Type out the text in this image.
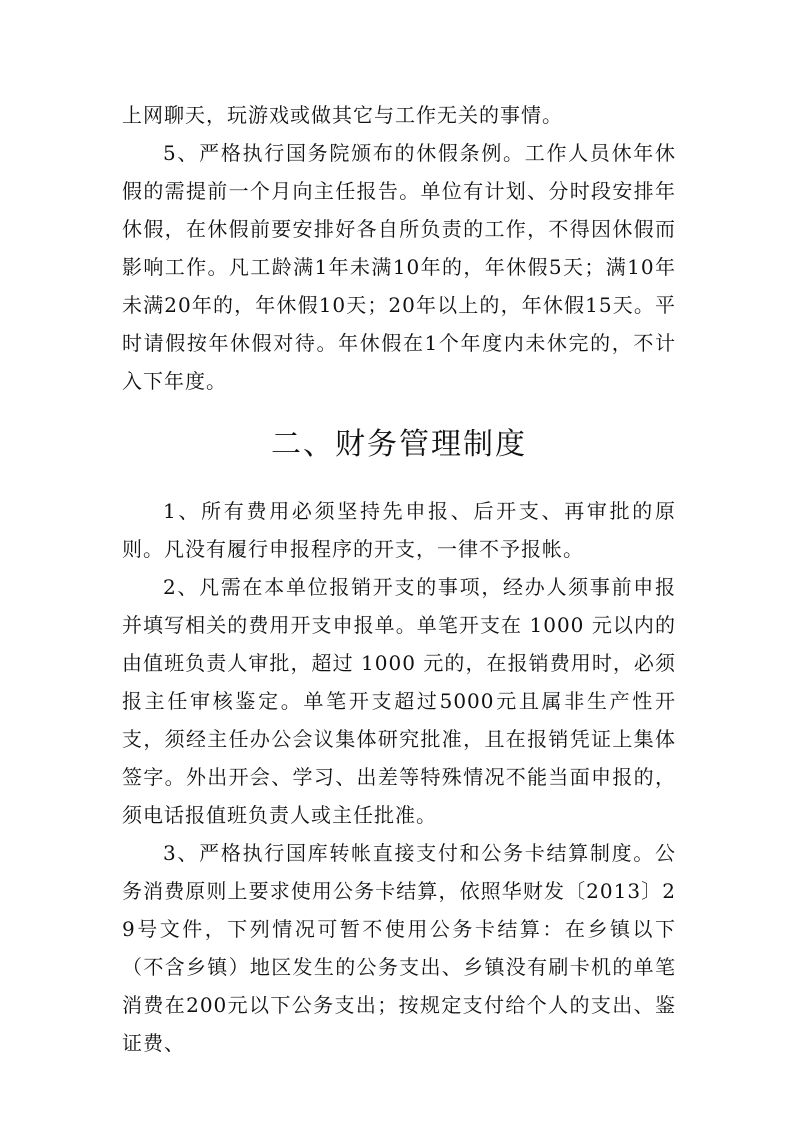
上网聊天，玩游戏或做其它与工作无关的事情。

5、严格执行国务院颁布的休假条例。工作人员休年休假的需提前一个月向主任报告。单位有计划、分时段安排年休假，在休假前要安排好各自所负责的工作，不得因休假而影响工作。凡工龄满1年未满10年的，年休假5天；满10年未满20年的，年休假10天；20年以上的，年休假15天。平时请假按年休假对待。年休假在1个年度内未休完的，不计入下年度。

二、财务管理制度

1、所有费用必须坚持先申报、后开支、再审批的原则。凡没有履行申报程序的开支，一律不予报帐。

2、凡需在本单位报销开支的事项，经办人须事前申报并填写相关的费用开支申报单。单笔开支在 1000 元以内的由值班负责人审批，超过 1000 元的，在报销费用时，必须报主任审核鉴定。单笔开支超过5000元且属非生产性开支，须经主任办公会议集体研究批准，且在报销凭证上集体签字。外出开会、学习、出差等特殊情况不能当面申报的，须电话报值班负责人或主任批准。

3、严格执行国库转帐直接支付和公务卡结算制度。公务消费原则上要求使用公务卡结算，依照华财发〔2013〕29号文件，下列情况可暂不使用公务卡结算：在乡镇以下（不含乡镇）地区发生的公务支出、乡镇没有刷卡机的单笔消费在200元以下公务支出；按规定支付给个人的支出、鉴证费、
